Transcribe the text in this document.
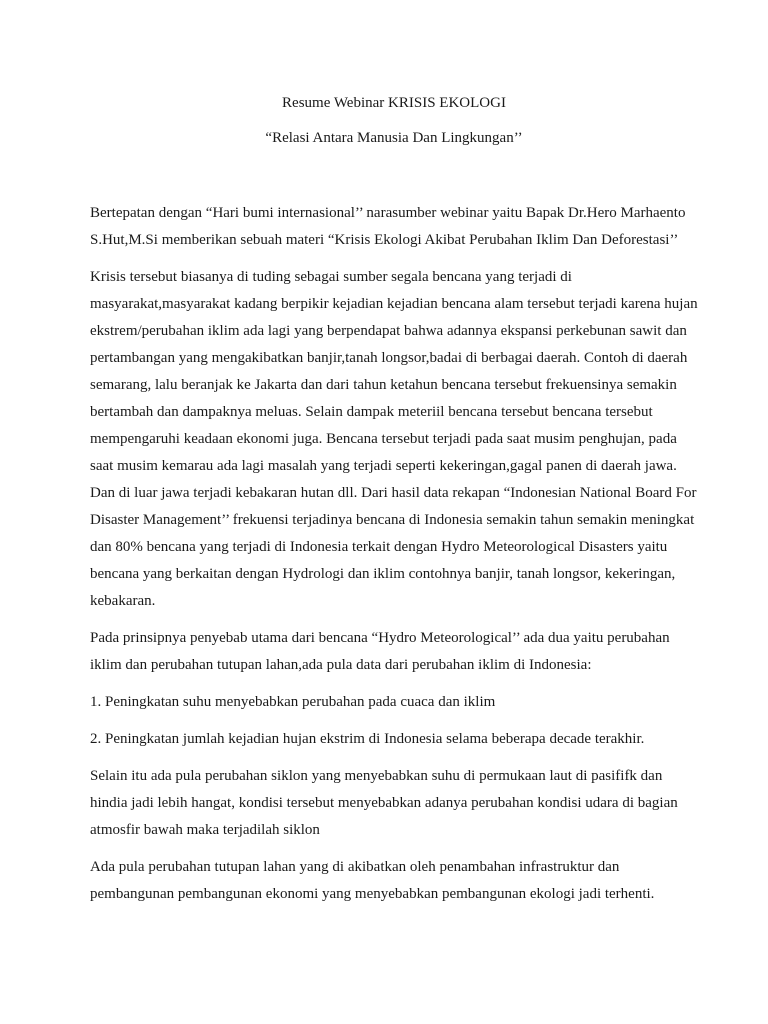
Resume Webinar KRISIS EKOLOGI
“Relasi Antara Manusia Dan Lingkungan’’

Bertepatan dengan “Hari bumi internasional’’ narasumber webinar yaitu Bapak Dr.Hero Marhaento S.Hut,M.Si memberikan sebuah materi “Krisis Ekologi Akibat Perubahan Iklim Dan Deforestasi’’

Krisis tersebut biasanya di tuding sebagai sumber segala bencana yang terjadi di masyarakat,masyarakat kadang berpikir kejadian kejadian bencana alam tersebut terjadi karena hujan ekstrem/perubahan iklim ada lagi yang berpendapat bahwa adannya ekspansi perkebunan sawit dan pertambangan yang mengakibatkan banjir,tanah longsor,badai di berbagai daerah. Contoh di daerah semarang, lalu beranjak ke Jakarta dan dari tahun ketahun bencana tersebut frekuensinya semakin bertambah dan dampaknya meluas. Selain dampak meteriil bencana tersebut bencana tersebut mempengaruhi keadaan ekonomi juga. Bencana tersebut terjadi pada saat musim penghujan, pada saat musim kemarau ada lagi masalah yang terjadi seperti kekeringan,gagal panen di daerah jawa. Dan di luar jawa terjadi kebakaran hutan dll. Dari hasil data rekapan “Indonesian National Board For Disaster Management’’ frekuensi terjadinya bencana di Indonesia semakin tahun semakin meningkat dan 80% bencana yang terjadi di Indonesia terkait dengan Hydro Meteorological Disasters yaitu bencana yang berkaitan dengan Hydrologi dan iklim contohnya banjir, tanah longsor, kekeringan, kebakaran.

Pada prinsipnya penyebab utama dari bencana “Hydro Meteorological’’ ada dua yaitu perubahan iklim dan perubahan tutupan lahan,ada pula data dari perubahan iklim di Indonesia:

1. Peningkatan suhu menyebabkan perubahan pada cuaca dan iklim

2. Peningkatan jumlah kejadian hujan ekstrim di Indonesia selama beberapa decade terakhir.

Selain itu ada pula perubahan siklon yang menyebabkan suhu di permukaan laut di pasififk dan hindia jadi lebih hangat, kondisi tersebut menyebabkan adanya perubahan kondisi udara di bagian atmosfir bawah maka terjadilah siklon

Ada pula perubahan tutupan lahan yang di akibatkan oleh penambahan infrastruktur dan pembangunan pembangunan ekonomi yang menyebabkan pembangunan ekologi jadi terhenti.
